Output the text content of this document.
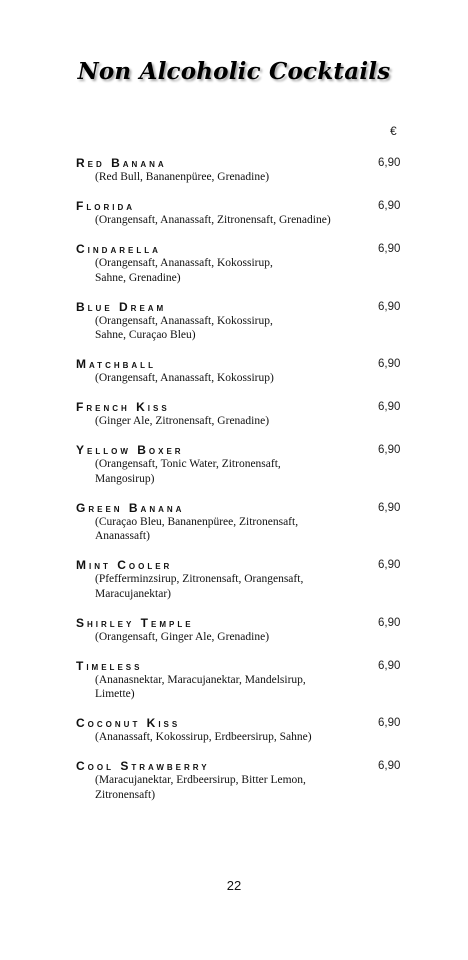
Non Alcoholic Cocktails
€
Red Banana	6,90
(Red Bull, Bananenpüree, Grenadine)
Florida	6,90
(Orangensaft, Ananassaft, Zitronensaft, Grenadine)
Cindarella	6,90
(Orangensaft, Ananassaft, Kokossirup,
Sahne, Grenadine)
Blue Dream	6,90
(Orangensaft, Ananassaft, Kokossirup,
Sahne, Curaçao Bleu)
Matchball	6,90
(Orangensaft, Ananassaft, Kokossirup)
French Kiss	6,90
(Ginger Ale, Zitronensaft, Grenadine)
Yellow Boxer	6,90
(Orangensaft, Tonic Water, Zitronensaft,
Mangosirup)
Green Banana	6,90
(Curaçao Bleu, Bananenpüree, Zitronensaft,
Ananassaft)
Mint Cooler	6,90
(Pfefferminzsirup, Zitronensaft, Orangensaft,
Maracujanektar)
Shirley Temple	6,90
(Orangensaft, Ginger Ale, Grenadine)
Timeless	6,90
(Ananasnektar, Maracujanektar, Mandelsirup,
Limette)
Coconut Kiss	6,90
(Ananassaft, Kokossirup, Erdbeersirup, Sahne)
Cool Strawberry	6,90
(Maracujanektar, Erdbeersirup, Bitter Lemon,
Zitronensaft)
22
